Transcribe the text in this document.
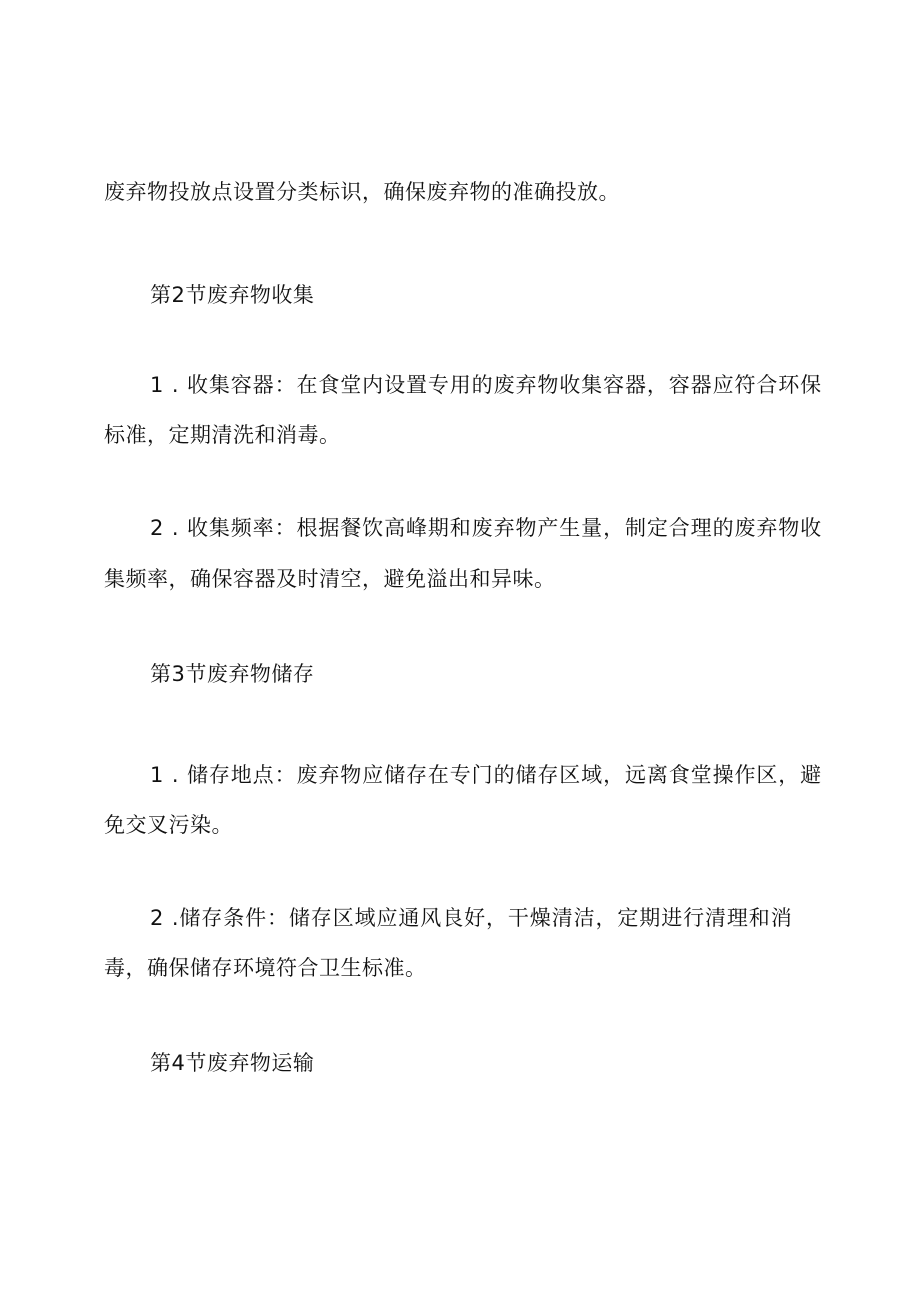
废弃物投放点设置分类标识，确保废弃物的准确投放。
第2节废弃物收集
1 . 收集容器：在食堂内设置专用的废弃物收集容器，容器应符合环保
标准，定期清洗和消毒。
2 . 收集频率：根据餐饮高峰期和废弃物产生量，制定合理的废弃物收
集频率，确保容器及时清空，避免溢出和异味。
第3节废弃物储存
1 . 储存地点：废弃物应储存在专门的储存区域，远离食堂操作区，避
免交叉污染。
2 .储存条件：储存区域应通风良好，干燥清洁，定期进行清理和消
毒，确保储存环境符合卫生标准。
第4节废弃物运输
